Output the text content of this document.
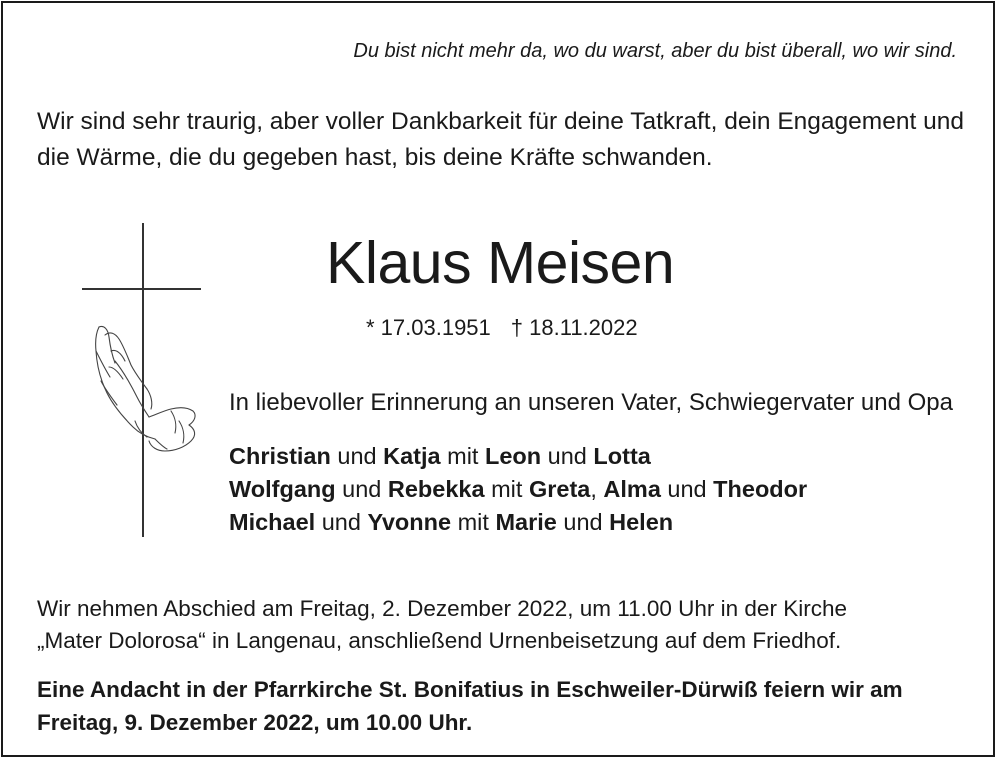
Du bist nicht mehr da, wo du warst, aber du bist überall, wo wir sind.
Wir sind sehr traurig, aber voller Dankbarkeit für deine Tatkraft, dein Engagement und
die Wärme, die du gegeben hast, bis deine Kräfte schwanden.
Klaus Meisen
* 17.03.1951 † 18.11.2022
In liebevoller Erinnerung an unseren Vater, Schwiegervater und Opa
Christian und Katja mit Leon und Lotta
Wolfgang und Rebekka mit Greta, Alma und Theodor
Michael und Yvonne mit Marie und Helen
Wir nehmen Abschied am Freitag, 2. Dezember 2022, um 11.00 Uhr in der Kirche
„Mater Dolorosa“ in Langenau, anschließend Urnenbeisetzung auf dem Friedhof.
Eine Andacht in der Pfarrkirche St. Bonifatius in Eschweiler-Dürwiß feiern wir am
Freitag, 9. Dezember 2022, um 10.00 Uhr.
